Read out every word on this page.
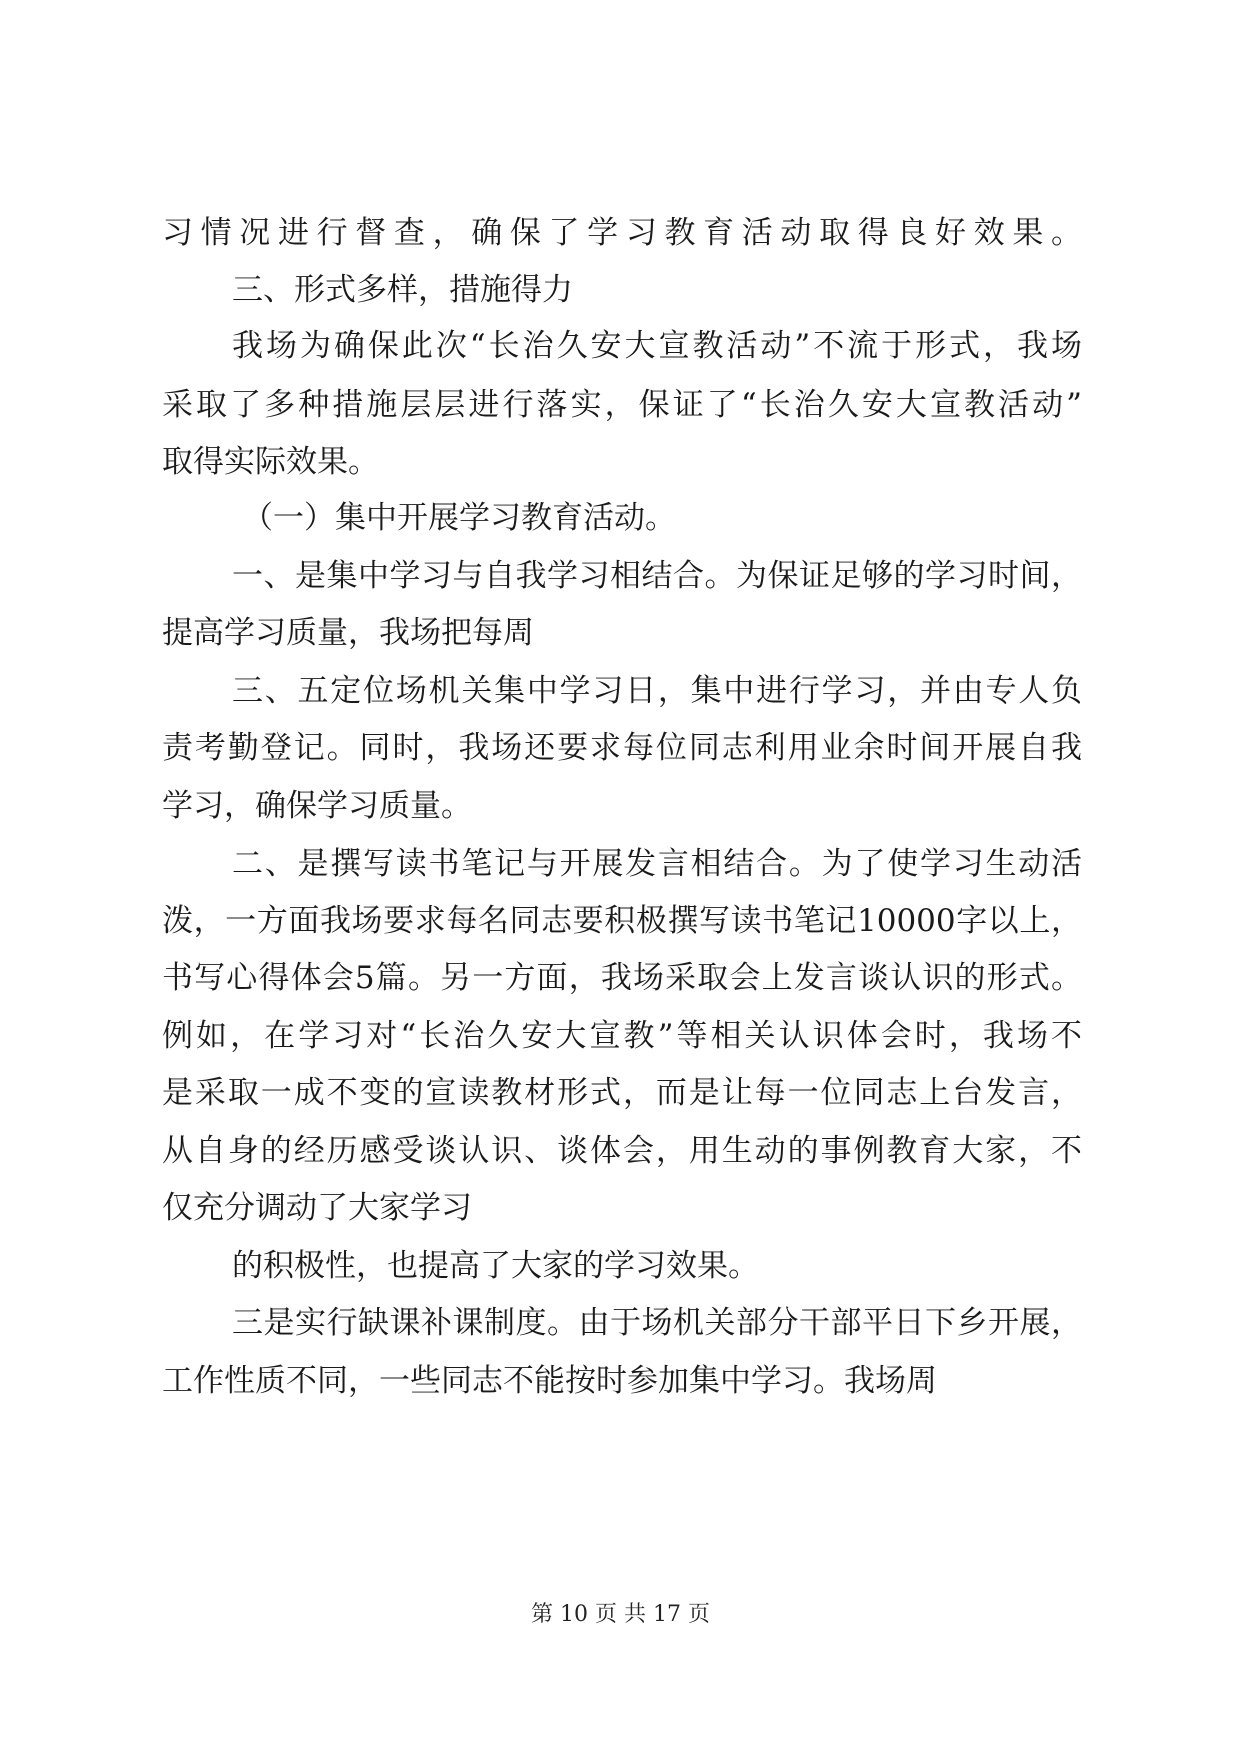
习情况进行督查，确保了学习教育活动取得良好效果。
三、形式多样，措施得力
我场为确保此次“长治久安大宣教活动”不流于形式，我场
采取了多种措施层层进行落实，保证了“长治久安大宣教活动”
取得实际效果。
（一）集中开展学习教育活动。
一、是集中学习与自我学习相结合。为保证足够的学习时间，
提高学习质量，我场把每周
三、五定位场机关集中学习日，集中进行学习，并由专人负
责考勤登记。同时，我场还要求每位同志利用业余时间开展自我
学习，确保学习质量。
二、是撰写读书笔记与开展发言相结合。为了使学习生动活
泼，一方面我场要求每名同志要积极撰写读书笔记10000字以上，
书写心得体会5篇。另一方面，我场采取会上发言谈认识的形式。
例如，在学习对“长治久安大宣教”等相关认识体会时，我场不
是采取一成不变的宣读教材形式，而是让每一位同志上台发言，
从自身的经历感受谈认识、谈体会，用生动的事例教育大家，不
仅充分调动了大家学习
的积极性，也提高了大家的学习效果。
三是实行缺课补课制度。由于场机关部分干部平日下乡开展，
工作性质不同，一些同志不能按时参加集中学习。我场周
第 10 页 共 17 页
